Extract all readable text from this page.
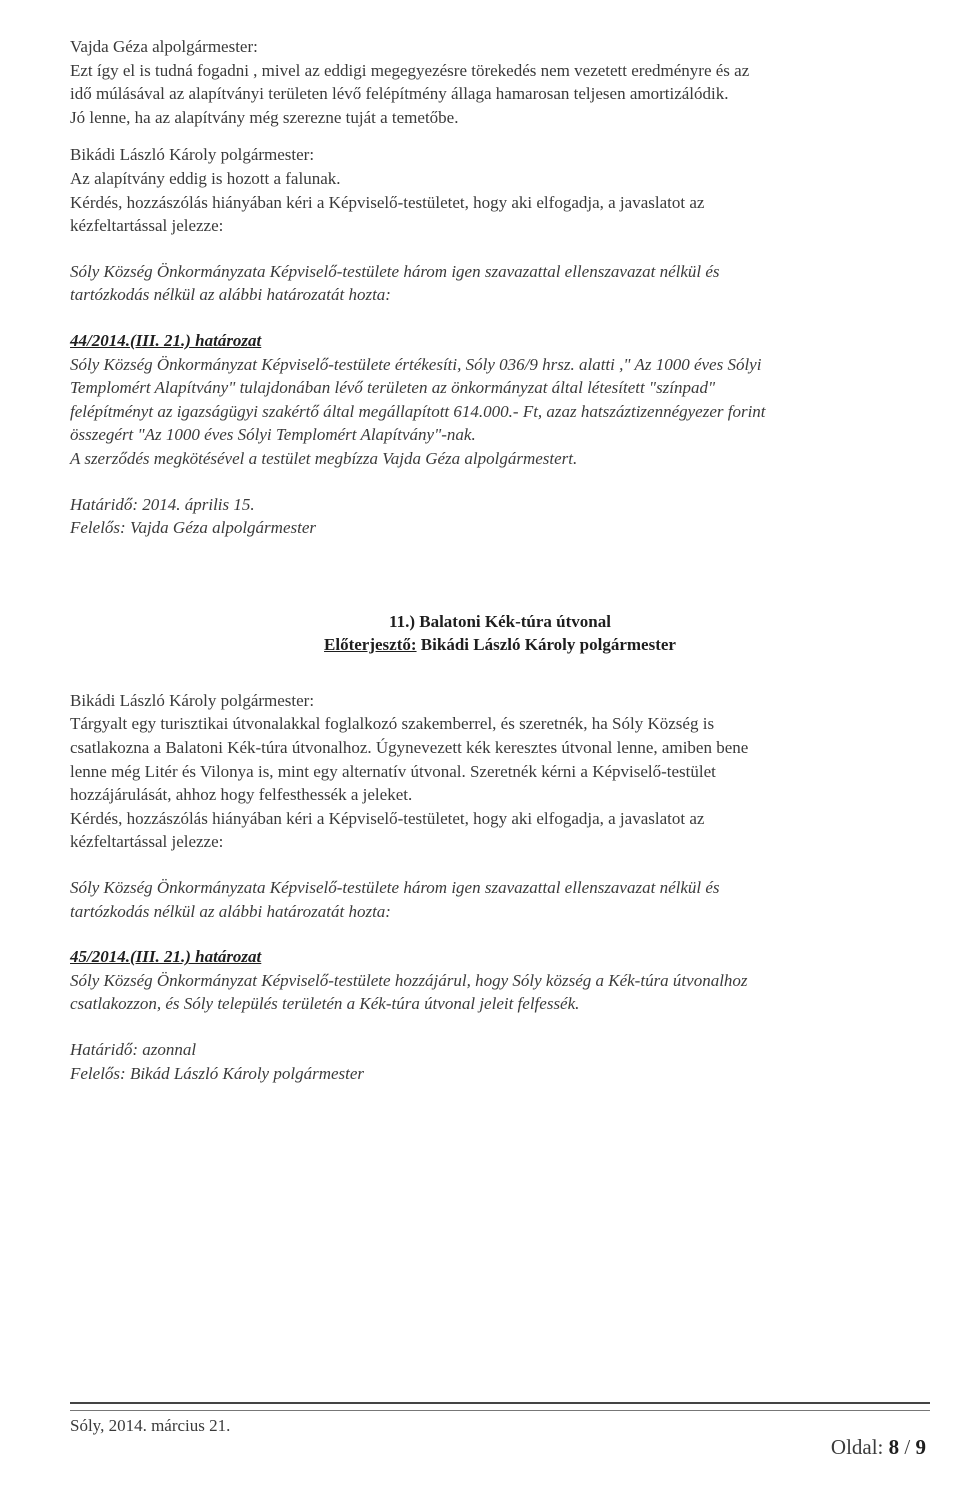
Vajda Géza alpolgármester:

Ezt így el is tudná fogadni , mivel az eddigi megegyezésre törekedés nem vezetett eredményre és az

idő múlásával az alapítványi területen lévő felépítmény állaga hamarosan teljesen amortizálódik.

Jó lenne, ha az alapítvány még szerezne tuját a temetőbe.

Bikádi László Károly polgármester:

Az alapítvány eddig is hozott a falunak.

Kérdés, hozzászólás hiányában kéri a Képviselő-testületet, hogy aki elfogadja, a javaslatot az

kézfeltartással jelezze:

Sóly Község Önkormányzata Képviselő-testülete három igen szavazattal ellenszavazat nélkül és

tartózkodás nélkül az alábbi határozatát hozta:

44/2014.(III. 21.) határozat

Sóly Község Önkormányzat Képviselő-testülete értékesíti, Sóly 036/9 hrsz. alatti ," Az 1000 éves Sólyi

Templomért Alapítvány" tulajdonában lévő területen az önkormányzat által létesített "színpad"

felépítményt az igazságügyi szakértő által megállapított 614.000.- Ft, azaz hatszáztizennégyezer forint

összegért "Az 1000 éves Sólyi Templomért Alapítvány"-nak.

A szerződés megkötésével a testület megbízza Vajda Géza alpolgármestert.

Határidő: 2014. április 15.

Felelős: Vajda Géza alpolgármester

11.) Balatoni Kék-túra útvonal

Előterjesztő: Bikádi László Károly polgármester

Bikádi László Károly polgármester:

Tárgyalt egy turisztikai útvonalakkal foglalkozó szakemberrel, és szeretnék, ha Sóly Község is

csatlakozna a Balatoni Kék-túra útvonalhoz. Úgynevezett kék keresztes útvonal lenne, amiben bene

lenne még Litér és Vilonya is, mint egy alternatív útvonal. Szeretnék kérni a Képviselő-testület

hozzájárulását, ahhoz hogy felfesthessék a jeleket.

Kérdés, hozzászólás hiányában kéri a Képviselő-testületet, hogy aki elfogadja, a javaslatot az

kézfeltartással jelezze:

Sóly Község Önkormányzata Képviselő-testülete három igen szavazattal ellenszavazat nélkül és

tartózkodás nélkül az alábbi határozatát hozta:

45/2014.(III. 21.) határozat

Sóly Község Önkormányzat Képviselő-testülete hozzájárul, hogy Sóly község a Kék-túra útvonalhoz

csatlakozzon, és Sóly település területén a Kék-túra útvonal jeleit felfessék.

Határidő: azonnal

Felelős: Bikád László Károly polgármester

Sóly, 2014. március 21.
Oldal: 8 / 9
